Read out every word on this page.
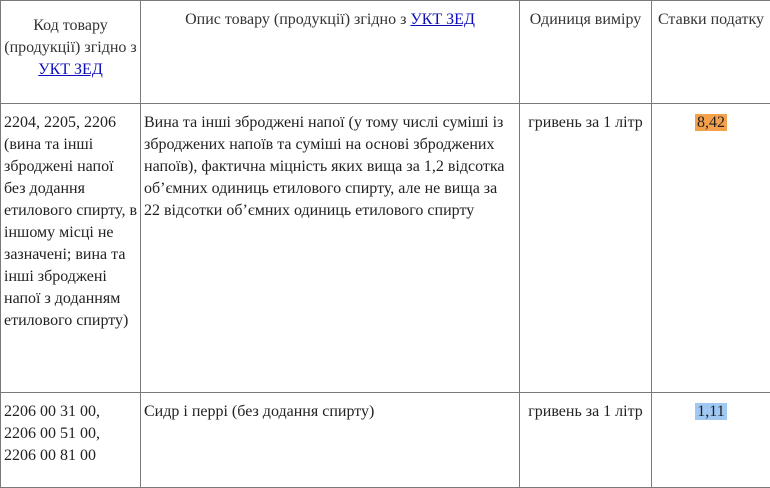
Код товару (продукції) згідно з УКТ ЗЕД	Опис товару (продукції) згідно з УКТ ЗЕД	Одиниця виміру	Ставки податку
2204, 2205, 2206 (вина та інші зброджені напої без додання етилового спирту, в іншому місці не зазначені; вина та інші зброджені напої з доданням етилового спирту)	Вина та інші зброджені напої (у тому числі суміші із зброджених напоїв та суміші на основі зброджених напоїв), фактична міцність яких вища за 1,2 відсотка об’ємних одиниць етилового спирту, але не вища за 22 відсотки об’ємних одиниць етилового спирту	гривень за 1 літр	8,42
2206 00 31 00,
2206 00 51 00,
2206 00 81 00	Сидр і перрі (без додання спирту)	гривень за 1 літр	1,11
